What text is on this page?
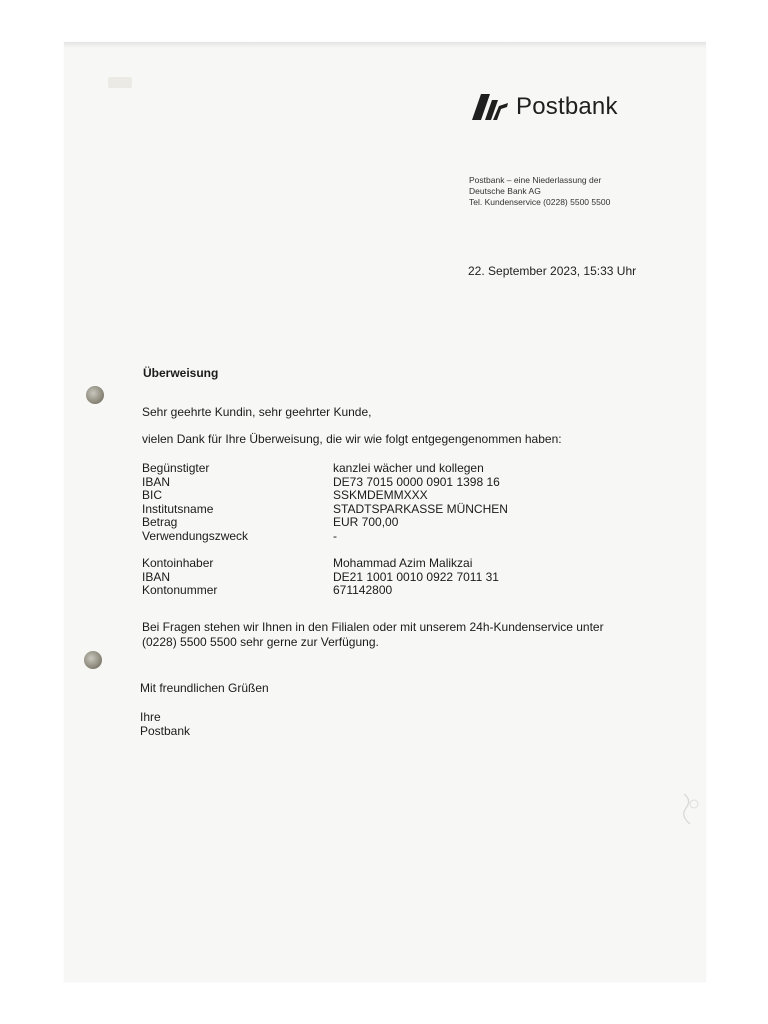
Postbank
Postbank – eine Niederlassung der
Deutsche Bank AG
Tel. Kundenservice (0228) 5500 5500
22. September 2023, 15:33 Uhr
Überweisung
Sehr geehrte Kundin, sehr geehrter Kunde,
vielen Dank für Ihre Überweisung, die wir wie folgt entgegengenommen haben:
Begünstigter	kanzlei wächer und kollegen
IBAN	DE73 7015 0000 0901 1398 16
BIC	SSKMDEMMXXX
Institutsname	STADTSPARKASSE MÜNCHEN
Betrag	EUR 700,00
Verwendungszweck	-
Kontoinhaber	Mohammad Azim Malikzai
IBAN	DE21 1001 0010 0922 7011 31
Kontonummer	671142800
Bei Fragen stehen wir Ihnen in den Filialen oder mit unserem 24h-Kundenservice unter
(0228) 5500 5500 sehr gerne zur Verfügung.
Mit freundlichen Grüßen
Ihre
Postbank
